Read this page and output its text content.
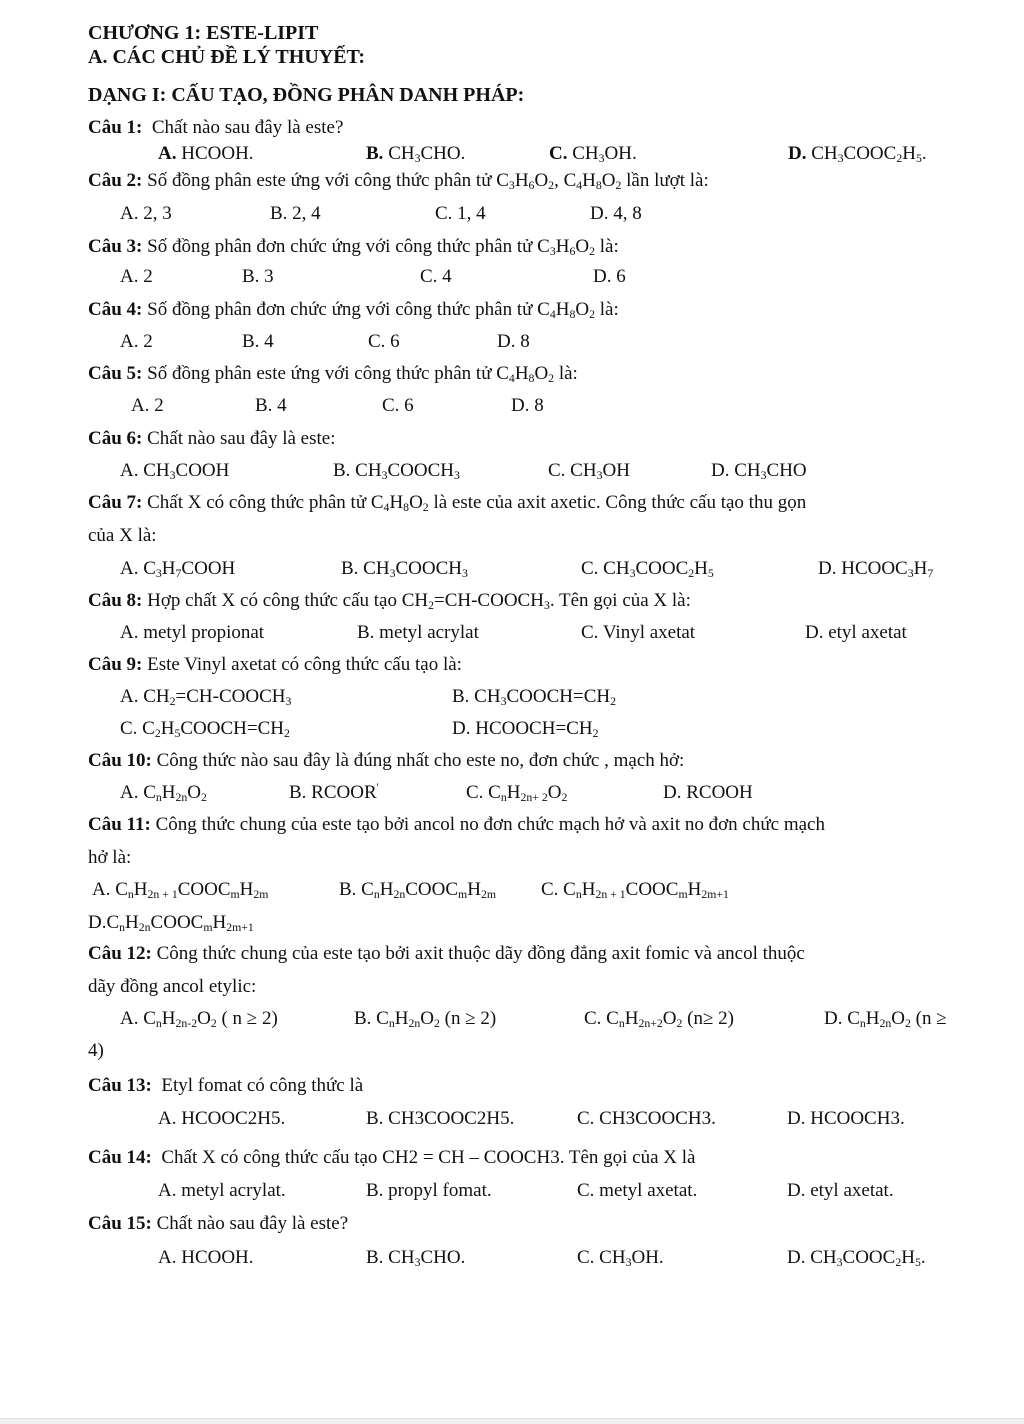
CHƯƠNG 1: ESTE-LIPIT
A. CÁC CHỦ ĐỀ LÝ THUYẾT:
DẠNG I: CẤU TẠO, ĐỒNG PHÂN DANH PHÁP:
Câu 1: Chất nào sau đây là este?
A. HCOOH.	B. $CH_3CHO$.	C. $CH_3OH$.	D. $CH_3COOC_2H_5$.
Câu 2: Số đồng phân este ứng với công thức phân tử $C_3H_6O_2$, $C_4H_8O_2$ lần lượt là:
A. 2, 3	B. 2, 4	C. 1, 4	D. 4, 8
Câu 3: Số đồng phân đơn chức ứng với công thức phân tử $C_3H_6O_2$ là:
A. 2	B. 3	C. 4	D. 6
Câu 4: Số đồng phân đơn chức ứng với công thức phân tử $C_4H_8O_2$ là:
A. 2	B. 4	C. 6	D. 8
Câu 5: Số đồng phân este ứng với công thức phân tử $C_4H_8O_2$ là:
A. 2	B. 4	C. 6	D. 8
Câu 6: Chất nào sau đây là este:
A. $CH_3COOH$	B. $CH_3COOCH_3$	C. $CH_3OH$	D. $CH_3CHO$
Câu 7: Chất X có công thức phân tử $C_4H_8O_2$ là este của axit axetic. Công thức cấu tạo thu gọn
của X là:
A. $C_3H_7COOH$	B. $CH_3COOCH_3$	C. $CH_3COOC_2H_5$	D. $HCOOC_3H_7$
Câu 8: Hợp chất X có công thức cấu tạo $CH_2=CH-COOCH_3$. Tên gọi của X là:
A. metyl propionat	B. metyl acrylat	C. Vinyl axetat	D. etyl axetat
Câu 9: Este Vinyl axetat có công thức cấu tạo là:
A. $CH_2=CH-COOCH_3$	B. $CH_3COOCH=CH_2$
C. $C_2H_5COOCH=CH_2$	D. $HCOOCH=CH_2$
Câu 10: Công thức nào sau đây là đúng nhất cho este no, đơn chức , mạch hở:
A. $C_nH_{2n}O_2$	B. RCOOR'	C. $C_nH_{2n+ 2}O_2$	D. RCOOH
Câu 11: Công thức chung của este tạo bởi ancol no đơn chức mạch hở và axit no đơn chức mạch
hở là:
A. $C_nH_{2n + 1}COOC_mH_{2m}$	B. $C_nH_{2n}COOC_mH_{2m}$ C. $C_nH_{2n + 1}COOC_mH_{2m+1}$
$D.C_nH_{2n}COOC_mH_{2m+1}$
Câu 12: Công thức chung của este tạo bởi axit thuộc dãy đồng đẳng axit fomic và ancol thuộc
dãy đồng ancol etylic:
A. $C_nH_{2n-2}O_2$ ( n ≥ 2)	B. $C_nH_{2n}O_2$ (n ≥ 2)	C. $C_nH_{2n+2}O_2$ (n≥ 2)	D. $C_nH_{2n}O_2$ (n ≥
4)
Câu 13:  Etyl fomat có công thức là
A. HCOOC2H5.	B. CH3COOC2H5.	C. CH3COOCH3.	D. HCOOCH3.
Câu 14:  Chất X có công thức cấu tạo CH2 = CH – COOCH3. Tên gọi của X là
A. metyl acrylat.	B. propyl fomat.	C. metyl axetat.	D. etyl axetat.
Câu 15: Chất nào sau đây là este?
A. HCOOH.	B. $CH_3CHO$.	C. $CH_3OH$.	D. $CH_3COOC_2H_5$.
